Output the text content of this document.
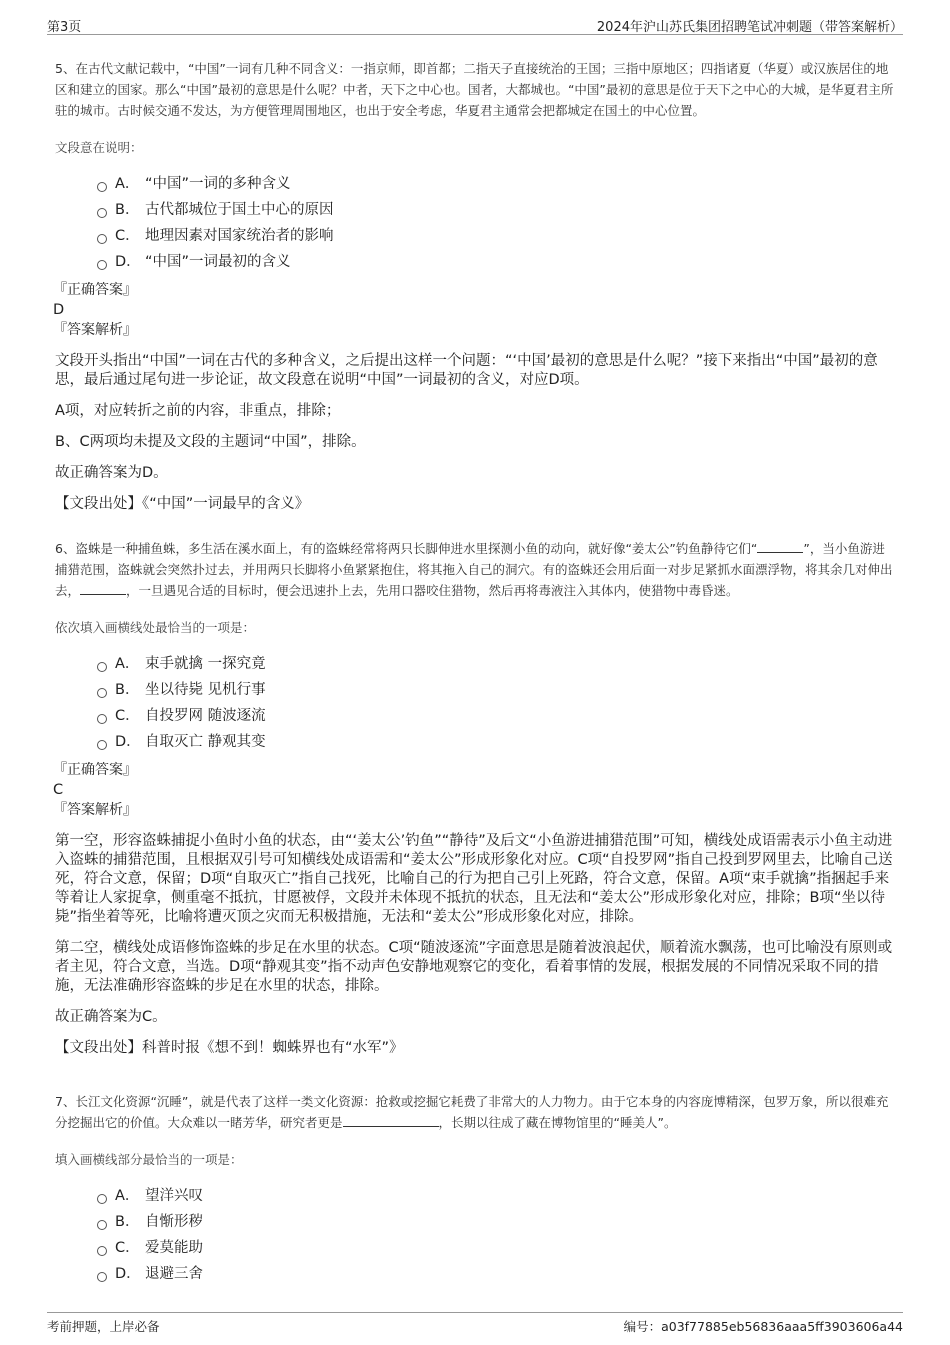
第3页	2024年沪山苏氏集团招聘笔试冲刺题（带答案解析）

5、在古代文献记载中，“中国”一词有几种不同含义：一指京师，即首都；二指天子直接统治的王国；三指中原地区；四指诸夏（华夏）或汉族居住的地区和建立的国家。那么“中国”最初的意思是什么呢？中者，天下之中心也。国者，大都城也。“中国”最初的意思是位于天下之中心的大城，是华夏君主所驻的城市。古时候交通不发达，为方便管理周围地区，也出于安全考虑，华夏君主通常会把都城定在国土的中心位置。

文段意在说明：

A． “中国”一词的多种含义
B． 古代都城位于国土中心的原因
C． 地理因素对国家统治者的影响
D． “中国”一词最初的含义

『正确答案』

D

『答案解析』

文段开头指出“中国”一词在古代的多种含义，之后提出这样一个问题：“‘中国’最初的意思是什么呢？”接下来指出“中国”最初的意思，最后通过尾句进一步论证，故文段意在说明“中国”一词最初的含义，对应D项。

A项，对应转折之前的内容，非重点，排除；

B、C两项均未提及文段的主题词“中国”，排除。

故正确答案为D。

【文段出处】《“中国”一词最早的含义》

6、盗蛛是一种捕鱼蛛，多生活在溪水面上，有的盗蛛经常将两只长脚伸进水里探测小鱼的动向，就好像“姜太公”钓鱼静待它们“	”，当小鱼游进捕猎范围，盗蛛就会突然扑过去，并用两只长脚将小鱼紧紧抱住，将其拖入自己的洞穴。有的盗蛛还会用后面一对步足紧抓水面漂浮物，将其余几对伸出去，	，一旦遇见合适的目标时，便会迅速扑上去，先用口器咬住猎物，然后再将毒液注入其体内，使猎物中毒昏迷。

依次填入画横线处最恰当的一项是：

A． 束手就擒 一探究竟
B． 坐以待毙 见机行事
C． 自投罗网 随波逐流
D． 自取灭亡 静观其变

『正确答案』

C

『答案解析』

第一空，形容盗蛛捕捉小鱼时小鱼的状态，由“‘姜太公’钓鱼”“静待”及后文“小鱼游进捕猎范围”可知，横线处成语需表示小鱼主动进入盗蛛的捕猎范围，且根据双引号可知横线处成语需和“姜太公”形成形象化对应。C项“自投罗网”指自己投到罗网里去，比喻自己送死，符合文意，保留；D项“自取灭亡”指自己找死，比喻自己的行为把自己引上死路，符合文意，保留。A项“束手就擒”指捆起手来等着让人家捉拿，侧重毫不抵抗，甘愿被俘，文段并未体现不抵抗的状态，且无法和“姜太公”形成形象化对应，排除；B项“坐以待毙”指坐着等死，比喻将遭灭顶之灾而无积极措施，无法和“姜太公”形成形象化对应，排除。

第二空，横线处成语修饰盗蛛的步足在水里的状态。C项“随波逐流”字面意思是随着波浪起伏，顺着流水飘荡，也可比喻没有原则或者主见，符合文意，当选。D项“静观其变”指不动声色安静地观察它的变化，看着事情的发展，根据发展的不同情况采取不同的措施，无法准确形容盗蛛的步足在水里的状态，排除。

故正确答案为C。

【文段出处】科普时报《想不到！蜘蛛界也有“水军”》

7、长江文化资源“沉睡”，就是代表了这样一类文化资源：抢救或挖掘它耗费了非常大的人力物力。由于它本身的内容庞博精深，包罗万象，所以很难充分挖掘出它的价值。大众难以一睹芳华，研究者更是	，长期以往成了藏在博物馆里的“睡美人”。

填入画横线部分最恰当的一项是：

A． 望洋兴叹
B． 自惭形秽
C． 爱莫能助
D． 退避三舍
考前押题，上岸必备	编号：a03f77885eb56836aaa5ff3903606a44
